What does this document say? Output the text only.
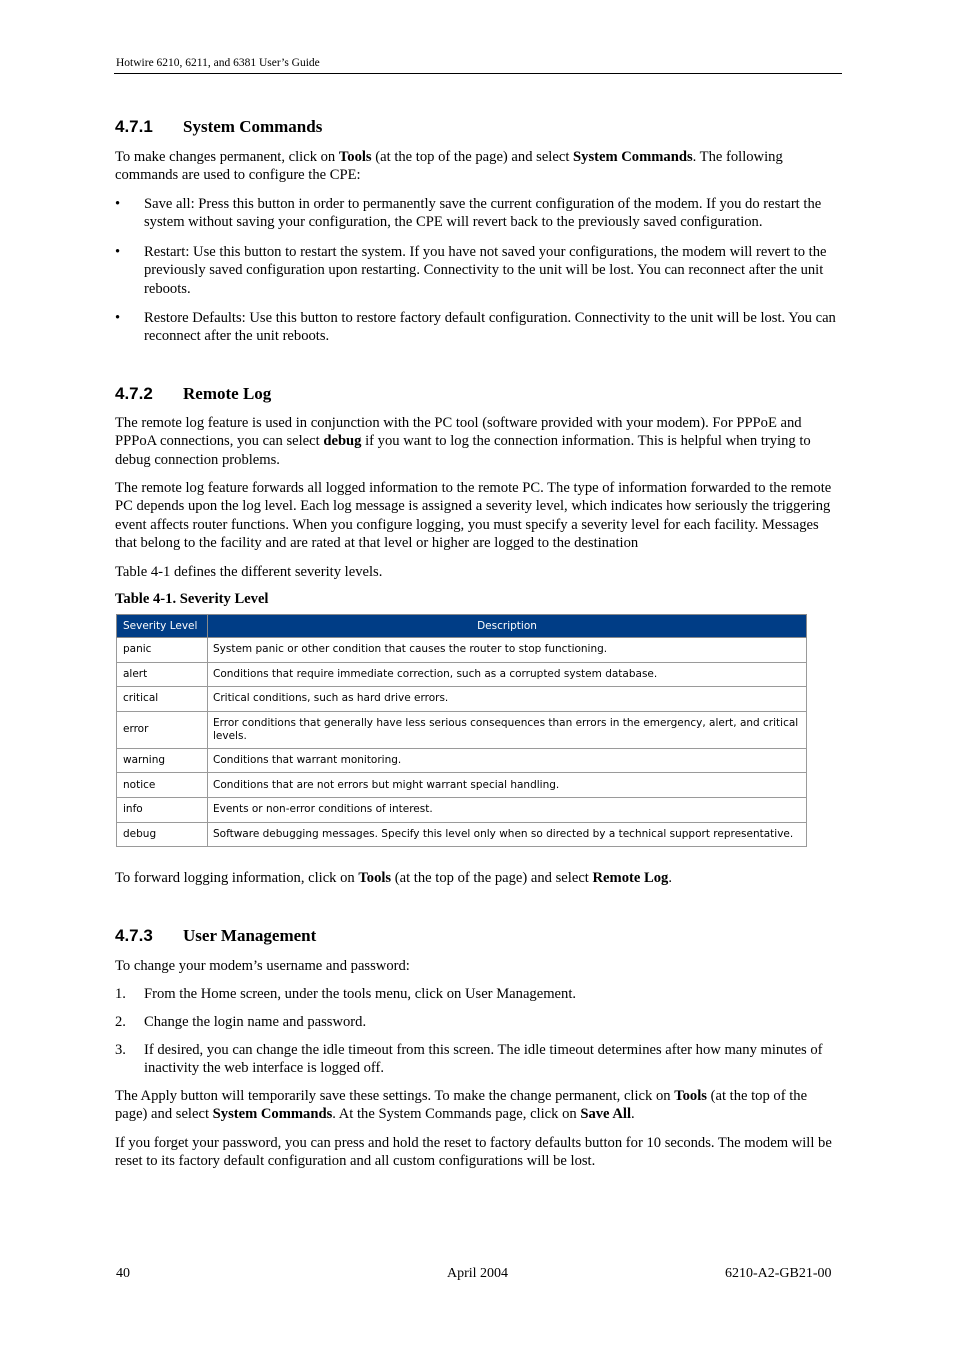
Hotwire 6210, 6211, and 6381 User’s Guide
4.7.1 System Commands

To make changes permanent, click on Tools (at the top of the page) and select System Commands. The following commands are used to configure the CPE:

• Save all: Press this button in order to permanently save the current configuration of the modem. If you do restart the system without saving your configuration, the CPE will revert back to the previously saved configuration.
• Restart: Use this button to restart the system. If you have not saved your configurations, the modem will revert to the previously saved configuration upon restarting. Connectivity to the unit will be lost. You can reconnect after the unit reboots.
• Restore Defaults: Use this button to restore factory default configuration. Connectivity to the unit will be lost. You can reconnect after the unit reboots.
4.7.2 Remote Log

The remote log feature is used in conjunction with the PC tool (software provided with your modem). For PPPoE and PPPoA connections, you can select debug if you want to log the connection information. This is helpful when trying to debug connection problems.

The remote log feature forwards all logged information to the remote PC. The type of information forwarded to the remote PC depends upon the log level. Each log message is assigned a severity level, which indicates how seriously the triggering event affects router functions. When you configure logging, you must specify a severity level for each facility. Messages that belong to the facility and are rated at that level or higher are logged to the destination

Table 4-1 defines the different severity levels.

Table 4-1. Severity Level
Severity Level	Description
panic	System panic or other condition that causes the router to stop functioning.
alert	Conditions that require immediate correction, such as a corrupted system database.
critical	Critical conditions, such as hard drive errors.
error	Error conditions that generally have less serious consequences than errors in the emergency, alert, and critical levels.
warning	Conditions that warrant monitoring.
notice	Conditions that are not errors but might warrant special handling.
info	Events or non-error conditions of interest.
debug	Software debugging messages. Specify this level only when so directed by a technical support representative.

To forward logging information, click on Tools (at the top of the page) and select Remote Log.

4.7.3 User Management

To change your modem’s username and password:

1. From the Home screen, under the tools menu, click on User Management.
2. Change the login name and password.
3. If desired, you can change the idle timeout from this screen. The idle timeout determines after how many minutes of inactivity the web interface is logged off.

The Apply button will temporarily save these settings. To make the change permanent, click on Tools (at the top of the page) and select System Commands. At the System Commands page, click on Save All.

If you forget your password, you can press and hold the reset to factory defaults button for 10 seconds. The modem will be reset to its factory default configuration and all custom configurations will be lost.

40	April 2004	6210-A2-GB21-00
